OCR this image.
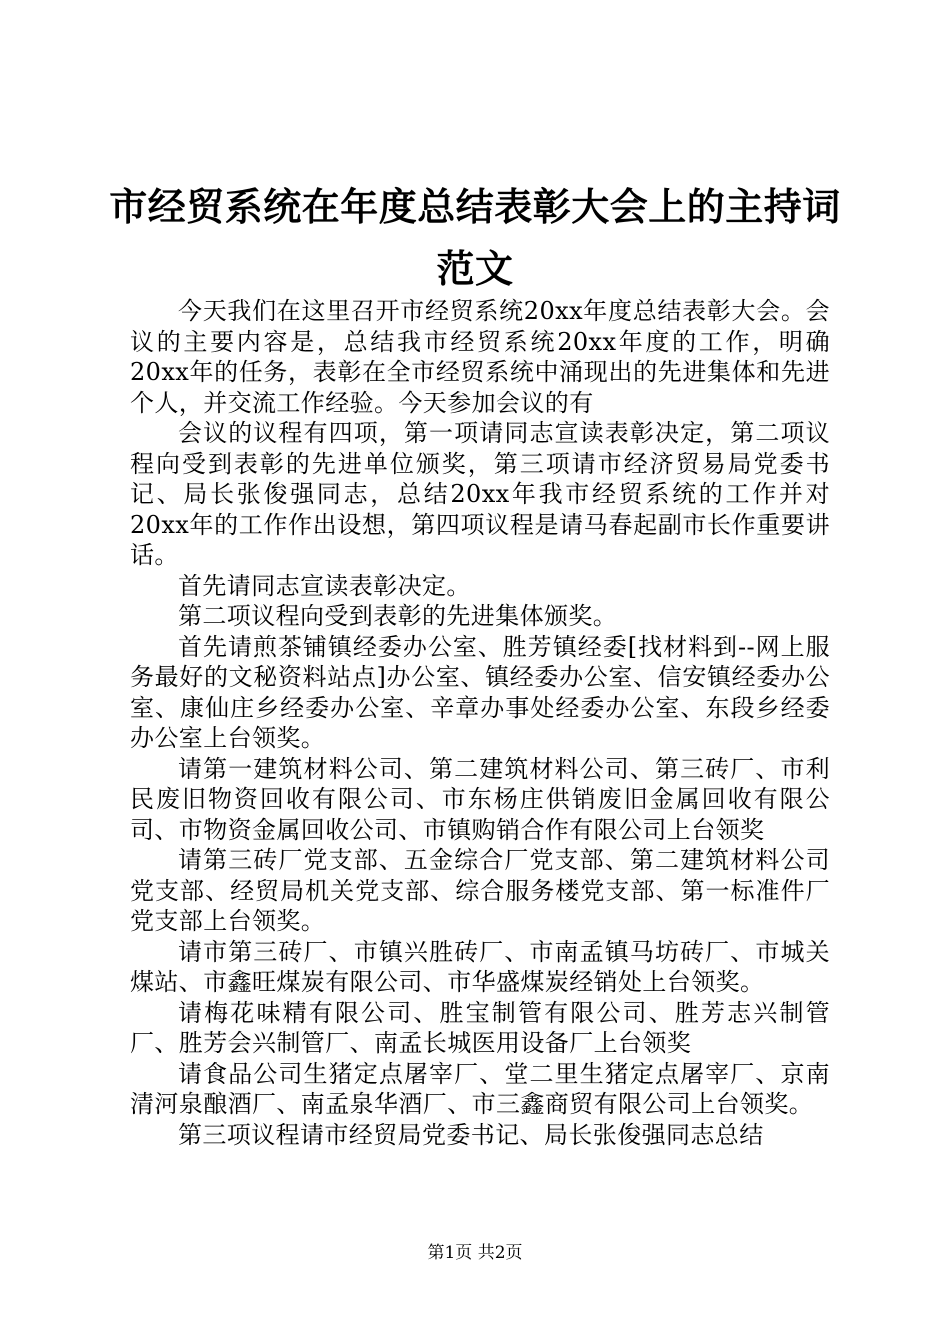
市经贸系统在年度总结表彰大会上的主持词范文

今天我们在这里召开市经贸系统20xx年度总结表彰大会。会议的主要内容是，总结我市经贸系统20xx年度的工作，明确20xx年的任务，表彰在全市经贸系统中涌现出的先进集体和先进个人，并交流工作经验。今天参加会议的有

会议的议程有四项，第一项请同志宣读表彰决定，第二项议程向受到表彰的先进单位颁奖，第三项请市经济贸易局党委书记、局长张俊强同志，总结20xx年我市经贸系统的工作并对20xx年的工作作出设想，第四项议程是请马春起副市长作重要讲话。

首先请同志宣读表彰决定。

第二项议程向受到表彰的先进集体颁奖。

首先请煎茶铺镇经委办公室、胜芳镇经委[找材料到--网上服务最好的文秘资料站点]办公室、镇经委办公室、信安镇经委办公室、康仙庄乡经委办公室、辛章办事处经委办公室、东段乡经委办公室上台领奖。

请第一建筑材料公司、第二建筑材料公司、第三砖厂、市利民废旧物资回收有限公司、市东杨庄供销废旧金属回收有限公司、市物资金属回收公司、市镇购销合作有限公司上台领奖

请第三砖厂党支部、五金综合厂党支部、第二建筑材料公司党支部、经贸局机关党支部、综合服务楼党支部、第一标准件厂党支部上台领奖。

请市第三砖厂、市镇兴胜砖厂、市南孟镇马坊砖厂、市城关煤站、市鑫旺煤炭有限公司、市华盛煤炭经销处上台领奖。

请梅花味精有限公司、胜宝制管有限公司、胜芳志兴制管厂、胜芳会兴制管厂、南孟长城医用设备厂上台领奖

请食品公司生猪定点屠宰厂、堂二里生猪定点屠宰厂、京南清河泉酿酒厂、南孟泉华酒厂、市三鑫商贸有限公司上台领奖。

第三项议程请市经贸局党委书记、局长张俊强同志总结

第1页 共2页
